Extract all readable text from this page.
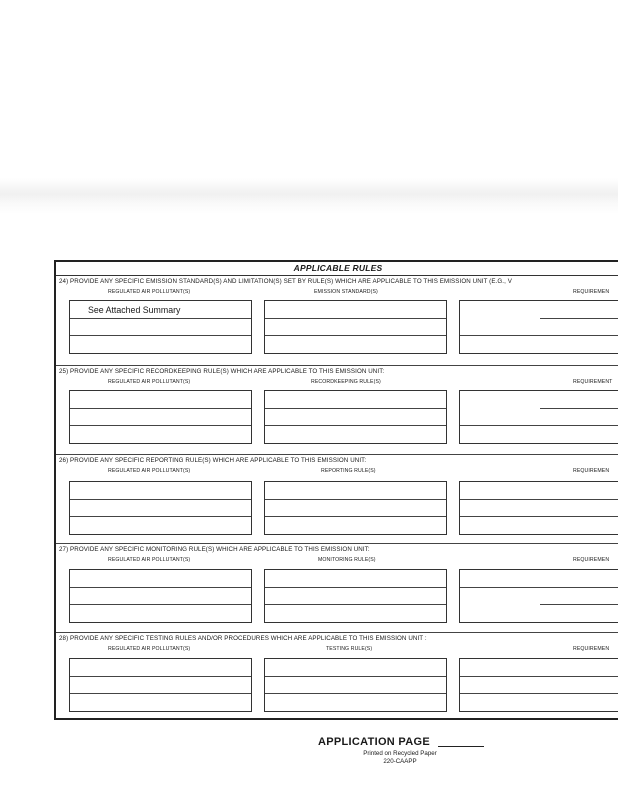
APPLICABLE RULES
24) PROVIDE ANY SPECIFIC EMISSION STANDARD(S) AND LIMITATION(S) SET BY RULE(S) WHICH ARE APPLICABLE TO THIS EMISSION UNIT (E.G., V
REGULATED AIR POLLUTANT(S)	EMISSION STANDARD(S)	REQUIREMEN
See Attached Summary
25) PROVIDE ANY SPECIFIC RECORDKEEPING RULE(S) WHICH ARE APPLICABLE TO THIS EMISSION UNIT:
REGULATED AIR POLLUTANT(S)	RECORDKEEPING RULE(S)	REQUIREMENT
26) PROVIDE ANY SPECIFIC REPORTING RULE(S) WHICH ARE APPLICABLE TO THIS EMISSION UNIT:
REGULATED AIR POLLUTANT(S)	REPORTING RULE(S)	REQUIREMEN
27) PROVIDE ANY SPECIFIC MONITORING RULE(S) WHICH ARE APPLICABLE TO THIS EMISSION UNIT:
REGULATED AIR POLLUTANT(S)	MONITORING RULE(S)	REQUIREMEN
28) PROVIDE ANY SPECIFIC TESTING RULES AND/OR PROCEDURES WHICH ARE APPLICABLE TO THIS EMISSION UNIT :
REGULATED AIR POLLUTANT(S)	TESTING RULE(S)	REQUIREMEN
APPLICATION PAGE
Printed on Recycled Paper
220-CAAPP
